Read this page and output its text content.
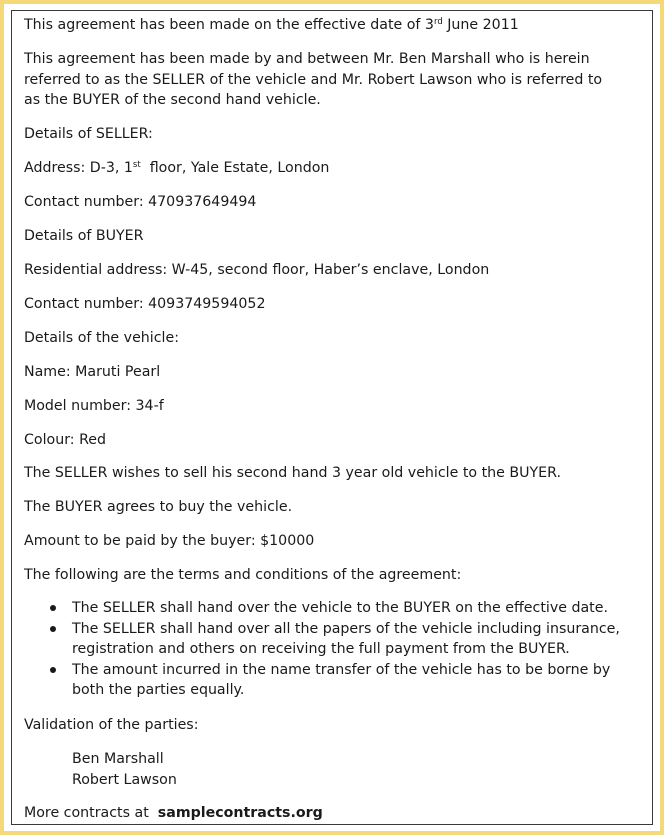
This agreement has been made on the effective date of 3rd June 2011
This agreement has been made by and between Mr. Ben Marshall who is herein
referred to as the SELLER of the vehicle and Mr. Robert Lawson who is referred to
as the BUYER of the second hand vehicle.
Details of SELLER:
Address: D-3, 1st  floor, Yale Estate, London
Contact number: 470937649494
Details of BUYER
Residential address: W-45, second floor, Haber’s enclave, London
Contact number: 4093749594052
Details of the vehicle:
Name: Maruti Pearl
Model number: 34-f
Colour: Red
The SELLER wishes to sell his second hand 3 year old vehicle to the BUYER.
The BUYER agrees to buy the vehicle.
Amount to be paid by the buyer: $10000
The following are the terms and conditions of the agreement:
The SELLER shall hand over the vehicle to the BUYER on the effective date.
The SELLER shall hand over all the papers of the vehicle including insurance,
registration and others on receiving the full payment from the BUYER.
The amount incurred in the name transfer of the vehicle has to be borne by
both the parties equally.
Validation of the parties:
Ben Marshall
Robert Lawson
More contracts at samplecontracts.org
